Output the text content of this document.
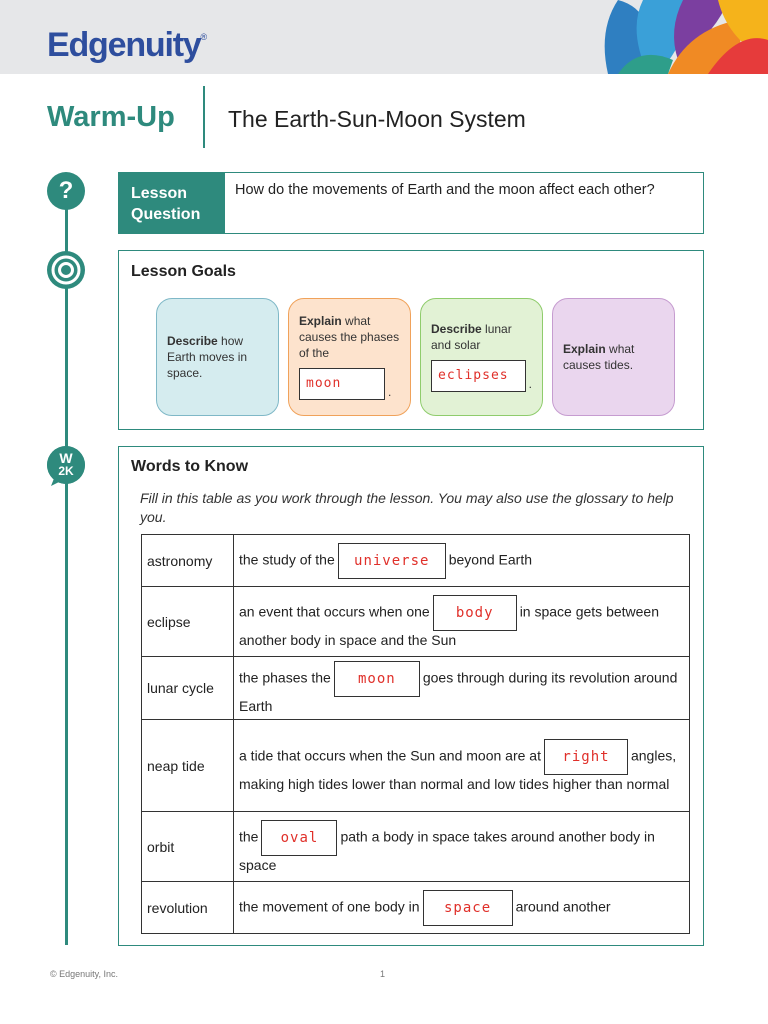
Edgenuity®
Warm-Up The Earth-Sun-Moon System
?
W
2K
Lesson
Question
How do the movements of Earth and the moon affect each other?
Lesson Goals
Describe how Earth moves in space.
Explain what causes the phases of the
moon
.
Describe lunar and solar
eclipses
.
Explain what causes tides.
Words to Know
Fill in this table as you work through the lesson. You may also use the glossary to help you.
astronomy	the study of the universe beyond Earth
eclipse	an event that occurs when one body in space gets between another body in space and the Sun
lunar cycle	the phases the moon goes through during its revolution around Earth
neap tide	a tide that occurs when the Sun and moon are at right angles, making high tides lower than normal and low tides higher than normal
orbit	the oval path a body in space takes around another body in space
revolution	the movement of one body in space around another
© Edgenuity, Inc.	1
